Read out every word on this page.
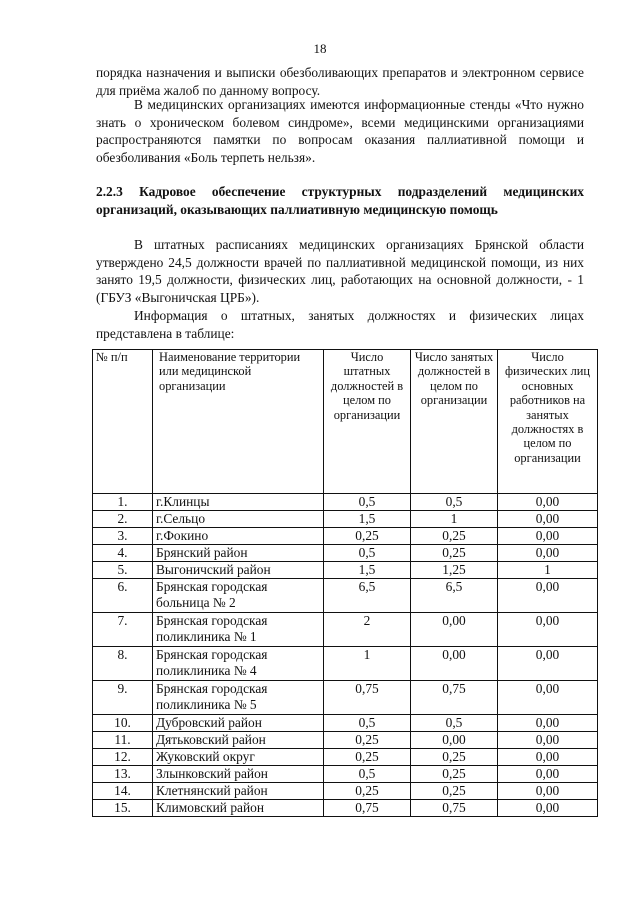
18
порядка назначения и выписки обезболивающих препаратов и электронном сервисе для приёма жалоб по данному вопросу.
В медицинских организациях имеются информационные стенды «Что нужно знать о хроническом болевом синдроме», всеми медицинскими организациями распространяются памятки по вопросам оказания паллиативной помощи и обезболивания «Боль терпеть нельзя».
2.2.3 Кадровое обеспечение структурных подразделений медицинских организаций, оказывающих паллиативную медицинскую помощь
В штатных расписаниях медицинских организациях Брянской области утверждено 24,5 должности врачей по паллиативной медицинской помощи, из них занято 19,5 должности, физических лиц, работающих на основной должности, - 1 (ГБУЗ «Выгоничская ЦРБ»).
Информация о штатных, занятых должностях и физических лицах представлена в таблице:
№ п/п	Наименование территории или медицинской организации	Число штатных должностей в целом по организации	Число занятых должностей в целом по организации	Число физических лиц основных работников на занятых должностях в целом по организации
1.	г.Клинцы	0,5	0,5	0,00
2.	г.Сельцо	1,5	1	0,00
3.	г.Фокино	0,25	0,25	0,00
4.	Брянский район	0,5	0,25	0,00
5.	Выгоничский район	1,5	1,25	1
6.	Брянская городская больница № 2	6,5	6,5	0,00
7.	Брянская городская поликлиника № 1	2	0,00	0,00
8.	Брянская городская поликлиника № 4	1	0,00	0,00
9.	Брянская городская поликлиника № 5	0,75	0,75	0,00
10.	Дубровский район	0,5	0,5	0,00
11.	Дятьковский район	0,25	0,00	0,00
12.	Жуковский округ	0,25	0,25	0,00
13.	Злынковский район	0,5	0,25	0,00
14.	Клетнянский район	0,25	0,25	0,00
15.	Климовский район	0,75	0,75	0,00
